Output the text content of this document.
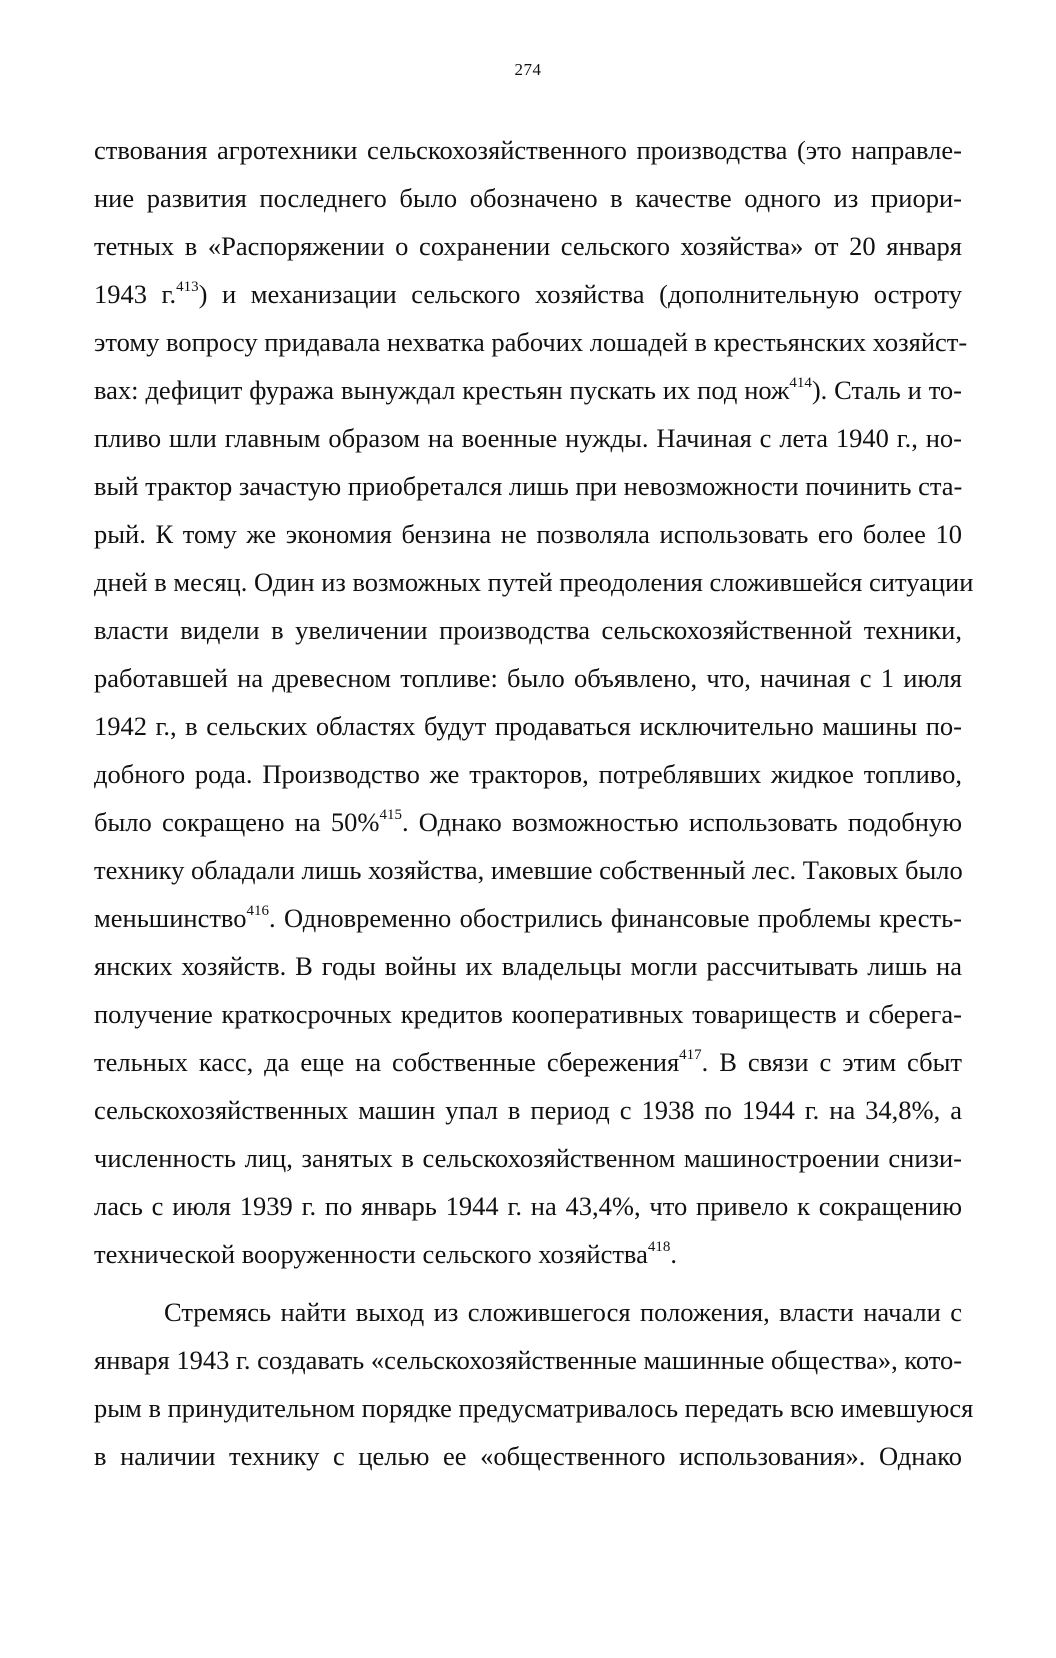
274
ствования агротехники сельскохозяйственного производства (это направле-
ние развития последнего было обозначено в качестве одного из приори-
тетных в «Распоряжении о сохранении сельского хозяйства» от 20 января
1943 г.$^{413}$) и механизации сельского хозяйства (дополнительную остроту
этому вопросу придавала нехватка рабочих лошадей в крестьянских хозяйст-
вах: дефицит фуража вынуждал крестьян пускать их под нож$^{414}$). Сталь и то-
пливо шли главным образом на военные нужды. Начиная с лета 1940 г., но-
вый трактор зачастую приобретался лишь при невозможности починить ста-
рый. К тому же экономия бензина не позволяла использовать его более 10
дней в месяц. Один из возможных путей преодоления сложившейся ситуации
власти видели в увеличении производства сельскохозяйственной техники,
работавшей на древесном топливе: было объявлено, что, начиная с 1 июля
1942 г., в сельских областях будут продаваться исключительно машины по-
добного рода. Производство же тракторов, потреблявших жидкое топливо,
было сокращено на 50%$^{415}$. Однако возможностью использовать подобную
технику обладали лишь хозяйства, имевшие собственный лес. Таковых было
меньшинство$^{416}$. Одновременно обострились финансовые проблемы кресть-
янских хозяйств. В годы войны их владельцы могли рассчитывать лишь на
получение краткосрочных кредитов кооперативных товариществ и сберега-
тельных касс, да еще на собственные сбережения$^{417}$. В связи с этим сбыт
сельскохозяйственных машин упал в период с 1938 по 1944 г. на 34,8%, а
численность лиц, занятых в сельскохозяйственном машиностроении снизи-
лась с июля 1939 г. по январь 1944 г. на 43,4%, что привело к сокращению
технической вооруженности сельского хозяйства$^{418}$.
Стремясь найти выход из сложившегося положения, власти начали с
января 1943 г. создавать «сельскохозяйственные машинные общества», кото-
рым в принудительном порядке предусматривалось передать всю имевшуюся
в наличии технику с целью ее «общественного использования». Однако
